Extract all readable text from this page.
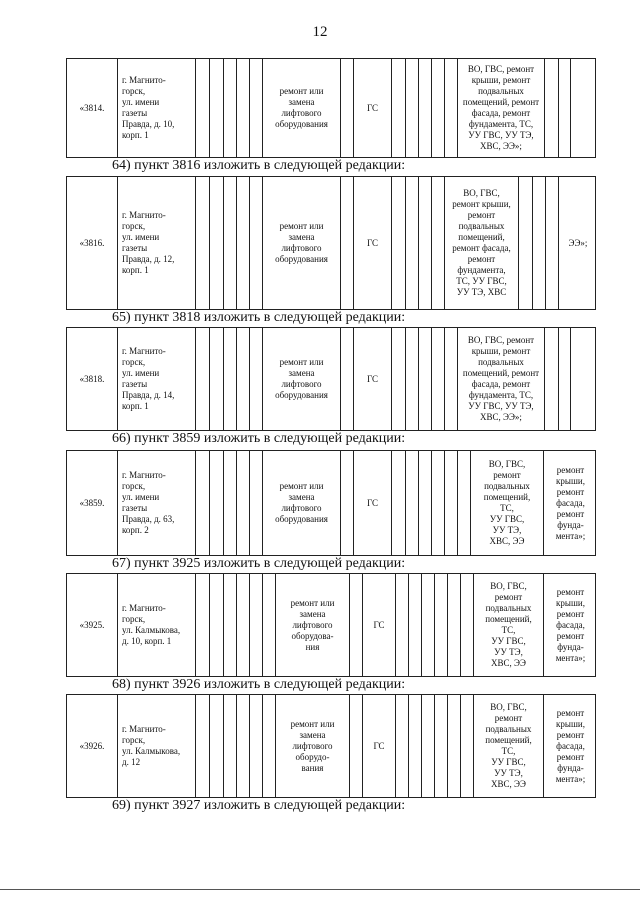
12
«3814.
г. Магнито-
горск,
ул. имени
газеты
Правда, д. 10,
корп. 1
ремонт или
замена
лифтового
оборудования
ГС
ВО, ГВС, ремонт
крыши, ремонт
подвальных
помещений, ремонт
фасада, ремонт
фундамента, ТС,
УУ ГВС, УУ ТЭ,
ХВС, ЭЭ»;
64) пункт 3816 изложить в следующей редакции:
«3816.
г. Магнито-
горск,
ул. имени
газеты
Правда, д. 12,
корп. 1
ремонт или
замена
лифтового
оборудования
ГС
ВО, ГВС,
ремонт крыши,
ремонт
подвальных
помещений,
ремонт фасада,
ремонт
фундамента,
ТС, УУ ГВС,
УУ ТЭ, ХВС
ЭЭ»;
65) пункт 3818 изложить в следующей редакции:
«3818.
г. Магнито-
горск,
ул. имени
газеты
Правда, д. 14,
корп. 1
ремонт или
замена
лифтового
оборудования
ГС
ВО, ГВС, ремонт
крыши, ремонт
подвальных
помещений, ремонт
фасада, ремонт
фундамента, ТС,
УУ ГВС, УУ ТЭ,
ХВС, ЭЭ»;
66) пункт 3859 изложить в следующей редакции:
«3859.
г. Магнито-
горск,
ул. имени
газеты
Правда, д. 63,
корп. 2
ремонт или
замена
лифтового
оборудования
ГС
ВО, ГВС,
ремонт
подвальных
помещений,
ТС,
УУ ГВС,
УУ ТЭ,
ХВС, ЭЭ
ремонт
крыши,
ремонт
фасада,
ремонт
фунда-
мента»;
67) пункт 3925 изложить в следующей редакции:
«3925.
г. Магнито-
горск,
ул. Калмыкова,
д. 10, корп. 1
ремонт или
замена
лифтового
оборудова-
ния
ГС
ВО, ГВС,
ремонт
подвальных
помещений,
ТС,
УУ ГВС,
УУ ТЭ,
ХВС, ЭЭ
ремонт
крыши,
ремонт
фасада,
ремонт
фунда-
мента»;
68) пункт 3926 изложить в следующей редакции:
«3926.
г. Магнито-
горск,
ул. Калмыкова,
д. 12
ремонт или
замена
лифтового
оборудо-
вания
ГС
ВО, ГВС,
ремонт
подвальных
помещений,
ТС,
УУ ГВС,
УУ ТЭ,
ХВС, ЭЭ
ремонт
крыши,
ремонт
фасада,
ремонт
фунда-
мента»;
69) пункт 3927 изложить в следующей редакции:
